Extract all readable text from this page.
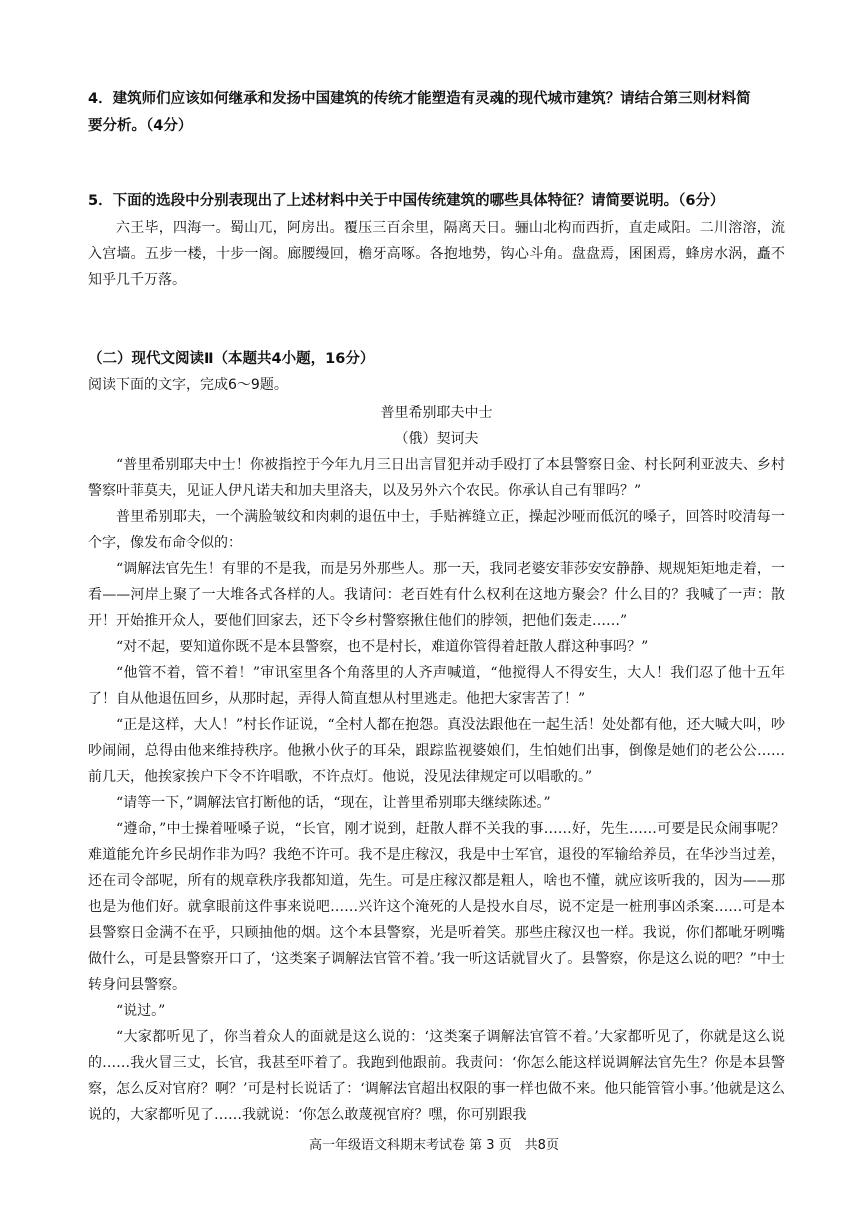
4．建筑师们应该如何继承和发扬中国建筑的传统才能塑造有灵魂的现代城市建筑？请结合第三则材料简
要分析。（4分）
5．下面的选段中分别表现出了上述材料中关于中国传统建筑的哪些具体特征？请简要说明。（6分）

六王毕，四海一。蜀山兀，阿房出。覆压三百余里，隔离天日。骊山北构而西折，直走咸阳。二川溶溶，流入宫墙。五步一楼，十步一阁。廊腰缦回，檐牙高啄。各抱地势，钩心斗角。盘盘焉，囷囷焉，蜂房水涡，矗不知乎几千万落。

（二）现代文阅读Ⅱ（本题共4小题，16分）
阅读下面的文字，完成6～9题。
普里希别耶夫中士
（俄）契诃夫

“普里希别耶夫中士！你被指控于今年九月三日出言冒犯并动手殴打了本县警察日金、村长阿利亚波夫、乡村警察叶菲莫夫，见证人伊凡诺夫和加夫里洛夫，以及另外六个农民。你承认自己有罪吗？”

普里希别耶夫，一个满脸皱纹和肉刺的退伍中士，手贴裤缝立正，操起沙哑而低沉的嗓子，回答时咬清每一个字，像发布命令似的：

“调解法官先生！有罪的不是我，而是另外那些人。那一天，我同老婆安菲莎安安静静、规规矩矩地走着，一看——河岸上聚了一大堆各式各样的人。我请问：老百姓有什么权利在这地方聚会？什么目的？我喊了一声：散开！开始推开众人，要他们回家去，还下令乡村警察揪住他们的脖领，把他们轰走……”

“对不起，要知道你既不是本县警察，也不是村长，难道你管得着赶散人群这种事吗？”

“他管不着，管不着！”审讯室里各个角落里的人齐声喊道，“他搅得人不得安生，大人！我们忍了他十五年了！自从他退伍回乡，从那时起，弄得人简直想从村里逃走。他把大家害苦了！”

“正是这样，大人！”村长作证说，“全村人都在抱怨。真没法跟他在一起生活！处处都有他，还大喊大叫，吵吵闹闹，总得由他来维持秩序。他揪小伙子的耳朵，跟踪监视婆娘们，生怕她们出事，倒像是她们的老公公……前几天，他挨家挨户下令不许唱歌，不许点灯。他说，没见法律规定可以唱歌的。”

“请等一下，”调解法官打断他的话，“现在，让普里希别耶夫继续陈述。”

“遵命，”中士操着哑嗓子说，“长官，刚才说到，赶散人群不关我的事……好，先生……可要是民众闹事呢？难道能允许乡民胡作非为吗？我绝不许可。我不是庄稼汉，我是中士军官，退役的军输给养员，在华沙当过差，还在司令部呢，所有的规章秩序我都知道，先生。可是庄稼汉都是粗人，啥也不懂，就应该听我的，因为——那也是为他们好。就拿眼前这件事来说吧……兴许这个淹死的人是投水自尽，说不定是一桩刑事凶杀案……可是本县警察日金满不在乎，只顾抽他的烟。这个本县警察，光是听着笑。那些庄稼汉也一样。我说，你们都呲牙咧嘴做什么，可是县警察开口了，‘这类案子调解法官管不着。’我一听这话就冒火了。县警察，你是这么说的吧？”中士转身问县警察。

“说过。”

“大家都听见了，你当着众人的面就是这么说的：‘这类案子调解法官管不着。’大家都听见了，你就是这么说的……我火冒三丈，长官，我甚至吓着了。我跑到他跟前。我责问：‘你怎么能这样说调解法官先生？你是本县警察，怎么反对官府？啊？’可是村长说话了：‘调解法官超出权限的事一样也做不来。他只能管管小事。’他就是这么说的，大家都听见了……我就说：‘你怎么敢蔑视官府？嘿，你可别跟我

高一年级语文科期末考试卷 第 3 页　共8页
